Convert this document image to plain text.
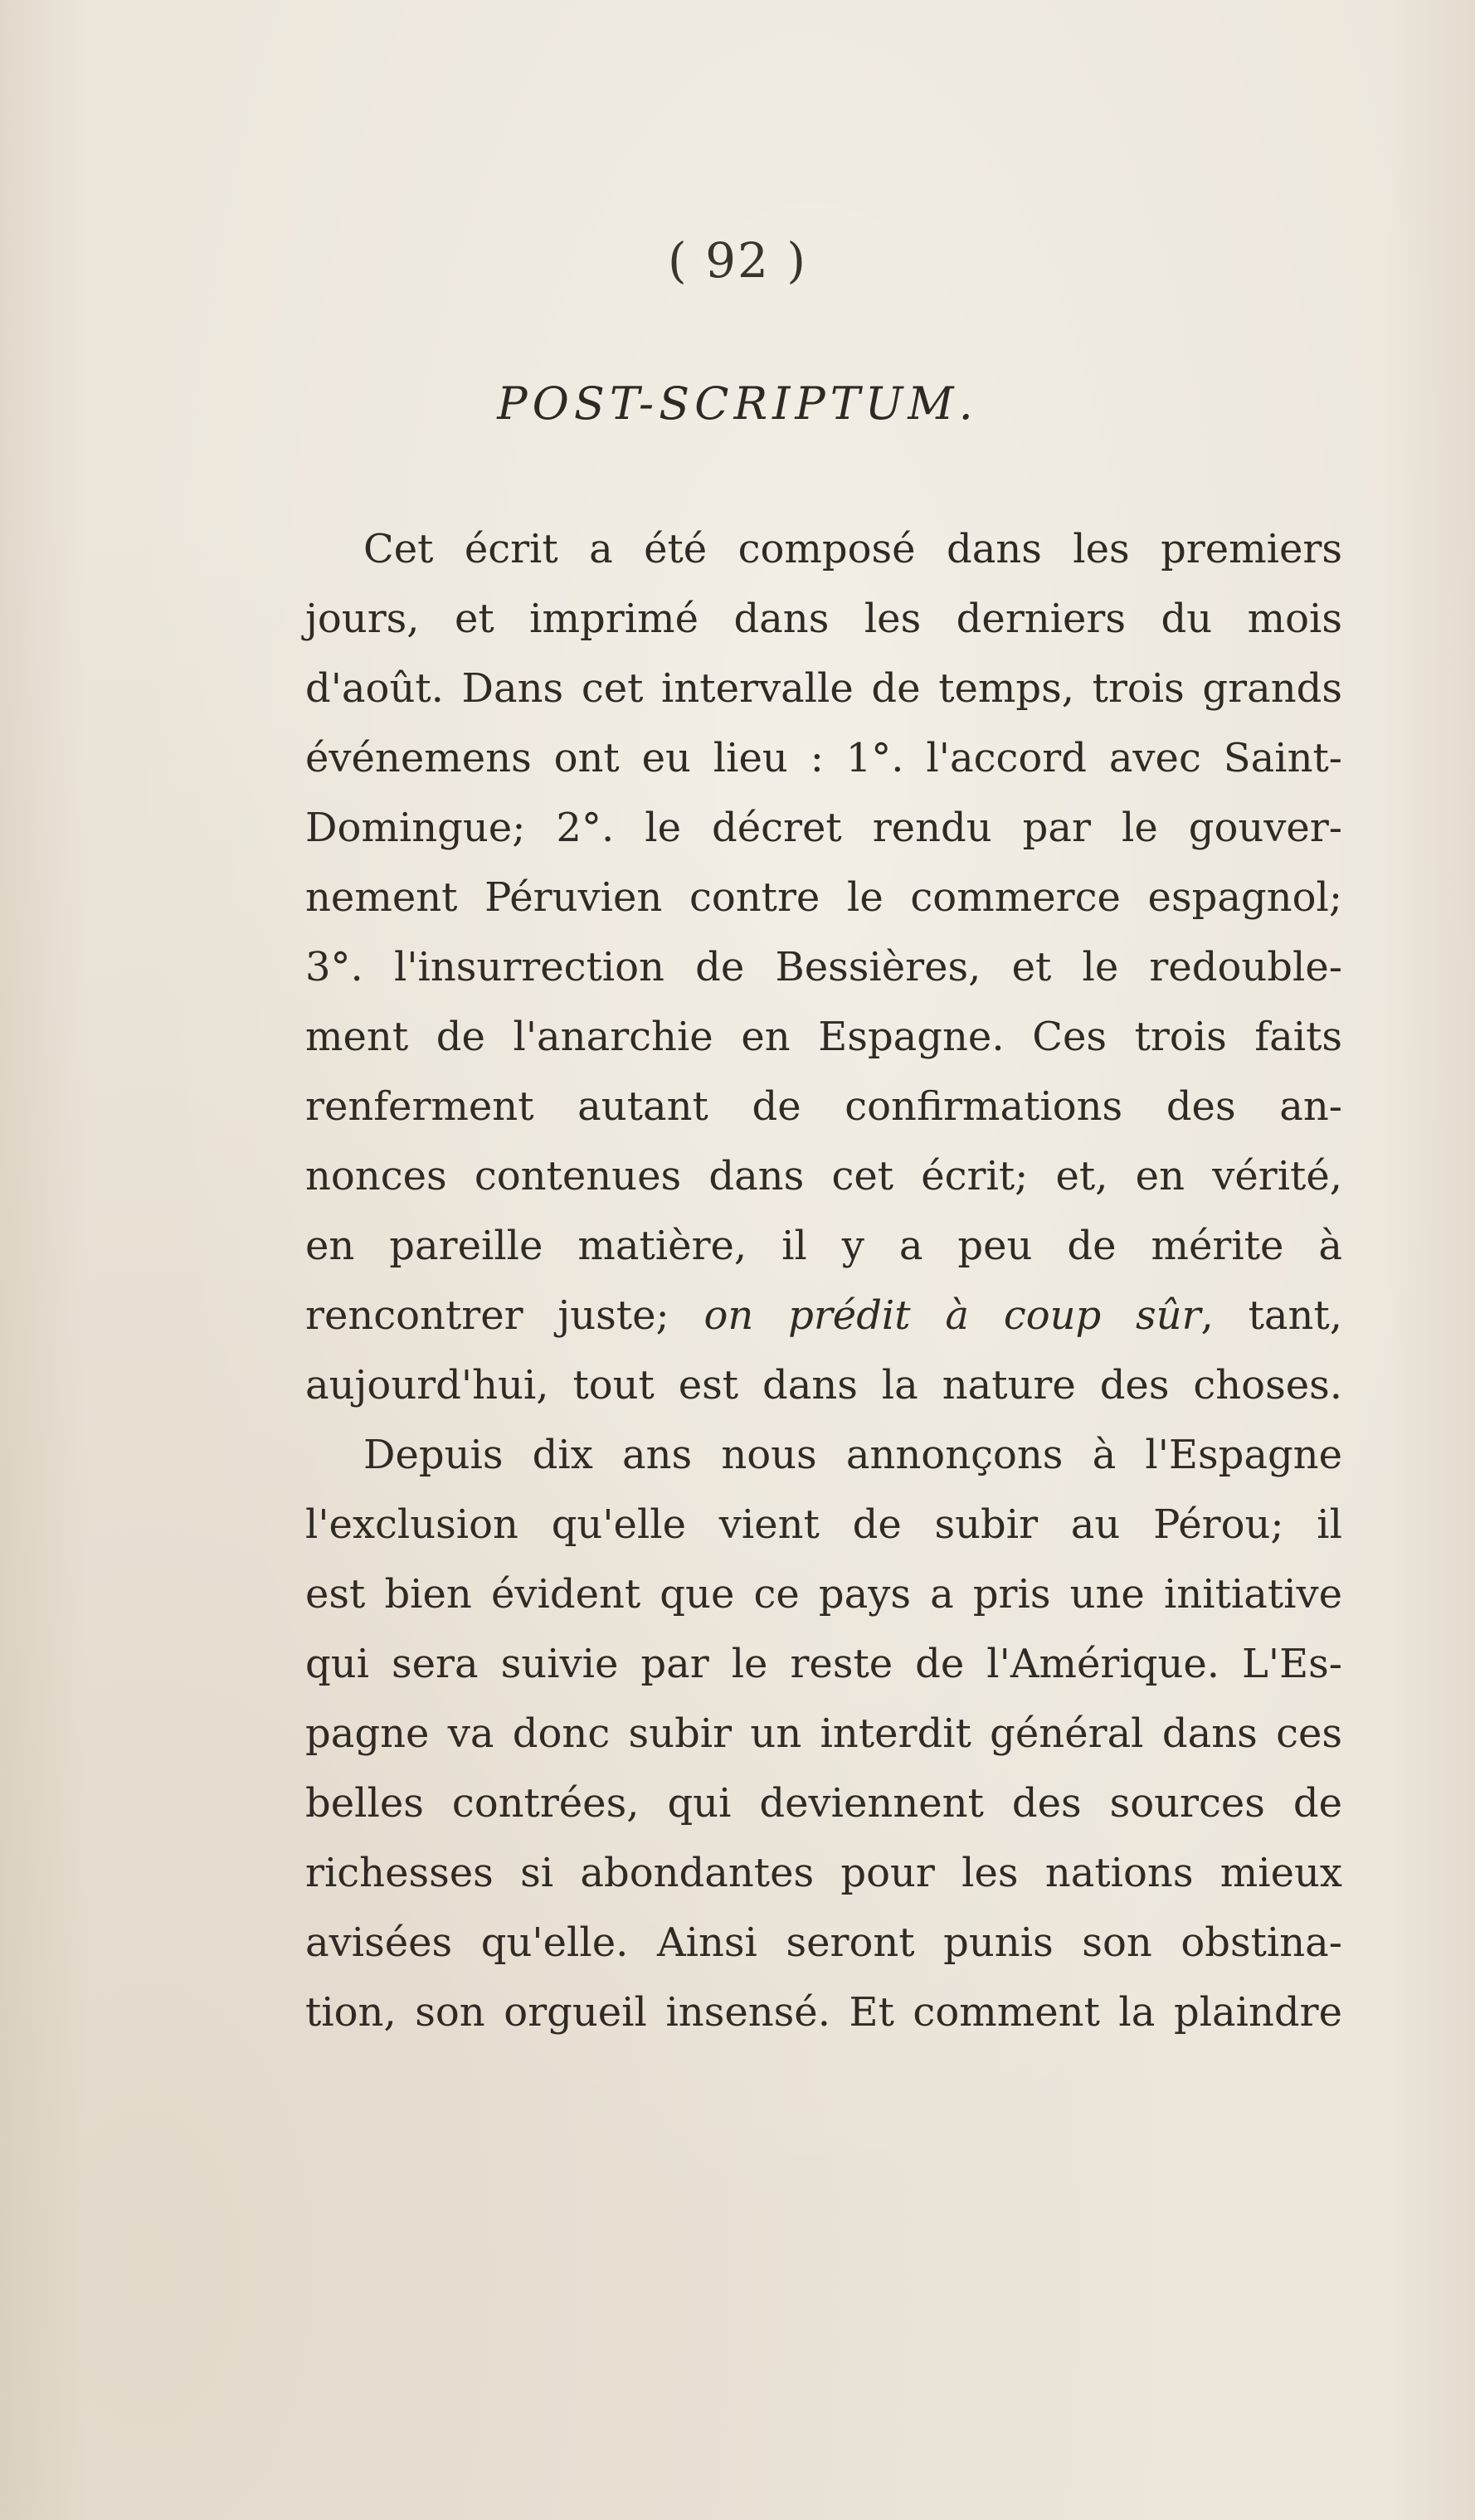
( 92 )
POST-SCRIPTUM.
Cet écrit a été composé dans les premiers
jours, et imprimé dans les derniers du mois
d'août. Dans cet intervalle de temps, trois grands
événemens ont eu lieu : 1°. l'accord avec Saint-
Domingue; 2°. le décret rendu par le gouver-
nement Péruvien contre le commerce espagnol;
3°. l'insurrection de Bessières, et le redouble-
ment de l'anarchie en Espagne. Ces trois faits
renferment autant de confirmations des an-
nonces contenues dans cet écrit; et, en vérité,
en pareille matière, il y a peu de mérite à
rencontrer juste; on prédit à coup sûr, tant,
aujourd'hui, tout est dans la nature des choses.
Depuis dix ans nous annonçons à l'Espagne
l'exclusion qu'elle vient de subir au Pérou; il
est bien évident que ce pays a pris une initiative
qui sera suivie par le reste de l'Amérique. L'Es-
pagne va donc subir un interdit général dans ces
belles contrées, qui deviennent des sources de
richesses si abondantes pour les nations mieux
avisées qu'elle. Ainsi seront punis son obstina-
tion, son orgueil insensé. Et comment la plaindre
